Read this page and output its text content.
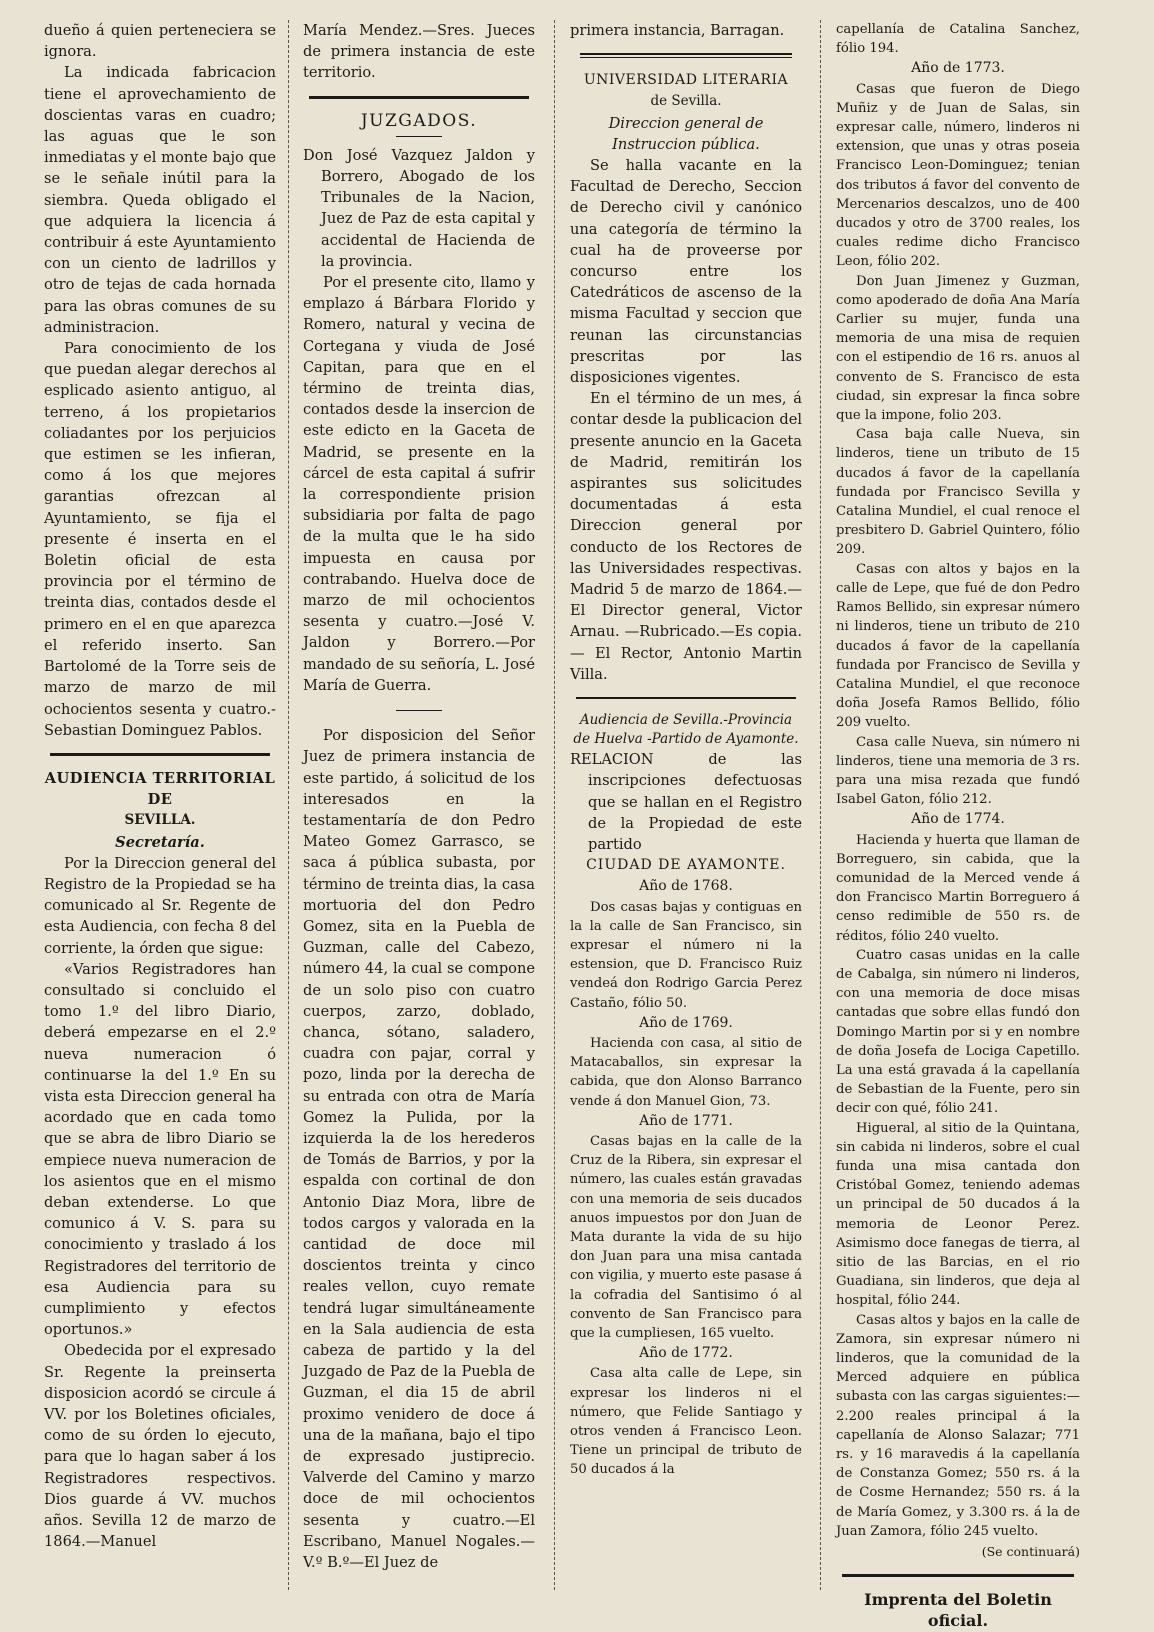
dueño á quien perteneciera se ignora.

La indicada fabricacion tiene el aprovechamiento de doscientas varas en cuadro; las aguas que le son inmediatas y el monte bajo que se le señale inútil para la siembra. Queda obligado el que adquiera la licencia á contribuir á este Ayuntamiento con un ciento de ladrillos y otro de tejas de cada hornada para las obras comunes de su administracion.

Para conocimiento de los que puedan alegar derechos al esplicado asiento antiguo, al terreno, á los propietarios coliadantes por los perjuicios que estimen se les infieran, como á los que mejores garantias ofrezcan al Ayuntamiento, se fija el presente é inserta en el Boletin oficial de esta provincia por el término de treinta dias, contados desde el primero en el en que aparezca el referido inserto. San Bartolomé de la Torre seis de marzo de marzo de mil ochocientos sesenta y cuatro.-Sebastian Dominguez Pablos.

AUDIENCIA TERRITORIAL DE

SEVILLA.

Secretaría.

Por la Direccion general del Registro de la Propiedad se ha comunicado al Sr. Regente de esta Audiencia, con fecha 8 del corriente, la órden que sigue:

«Varios Registradores han consultado si concluido el tomo 1.º del libro Diario, deberá empezarse en el 2.º nueva numeracion ó continuarse la del 1.º En su vista esta Direccion general ha acordado que en cada tomo que se abra de libro Diario se empiece nueva numeracion de los asientos que en el mismo deban extenderse. Lo que comunico á V. S. para su conocimiento y traslado á los Registradores del territorio de esa Audiencia para su cumplimiento y efectos oportunos.»

Obedecida por el expresado Sr. Regente la preinserta disposicion acordó se circule á VV. por los Boletines oficiales, como de su órden lo ejecuto, para que lo hagan saber á los Registradores respectivos. Dios guarde á VV. muchos años. Sevilla 12 de marzo de 1864.—Manuel

María Mendez.—Sres. Jueces de primera instancia de este territorio.

JUZGADOS.

Don José Vazquez Jaldon y Borrero, Abogado de los Tribunales de la Nacion, Juez de Paz de esta capital y accidental de Hacienda de la provincia.

Por el presente cito, llamo y emplazo á Bárbara Florido y Romero, natural y vecina de Cortegana y viuda de José Capitan, para que en el término de treinta dias, contados desde la insercion de este edicto en la Gaceta de Madrid, se presente en la cárcel de esta capital á sufrir la correspondiente prision subsidiaria por falta de pago de la multa que le ha sido impuesta en causa por contrabando. Huelva doce de marzo de mil ochocientos sesenta y cuatro.—José V. Jaldon y Borrero.—Por mandado de su señoría, L. José María de Guerra.

Por disposicion del Señor Juez de primera instancia de este partido, á solicitud de los interesados en la testamentaría de don Pedro Mateo Gomez Garrasco, se saca á pública subasta, por término de treinta dias, la casa mortuoria del don Pedro Gomez, sita en la Puebla de Guzman, calle del Cabezo, número 44, la cual se compone de un solo piso con cuatro cuerpos, zarzo, doblado, chanca, sótano, saladero, cuadra con pajar, corral y pozo, linda por la derecha de su entrada con otra de María Gomez la Pulida, por la izquierda la de los herederos de Tomás de Barrios, y por la espalda con cortinal de don Antonio Diaz Mora, libre de todos cargos y valorada en la cantidad de doce mil doscientos treinta y cinco reales vellon, cuyo remate tendrá lugar simultáneamente en la Sala audiencia de esta cabeza de partido y la del Juzgado de Paz de la Puebla de Guzman, el dia 15 de abril proximo venidero de doce á una de la mañana, bajo el tipo de expresado justiprecio. Valverde del Camino y marzo doce de mil ochocientos sesenta y cuatro.—El Escribano, Manuel Nogales.—V.º B.º—El Juez de

primera instancia, Barragan.

UNIVERSIDAD LITERARIA

de Sevilla.

Direccion general de Instruccion pública.

Se halla vacante en la Facultad de Derecho, Seccion de Derecho civil y canónico una categoría de término la cual ha de proveerse por concurso entre los Catedráticos de ascenso de la misma Facultad y seccion que reunan las circunstancias prescritas por las disposiciones vigentes.

En el término de un mes, á contar desde la publicacion del presente anuncio en la Gaceta de Madrid, remitirán los aspirantes sus solicitudes documentadas á esta Direccion general por conducto de los Rectores de las Universidades respectivas. Madrid 5 de marzo de 1864.—El Director general, Victor Arnau. —Rubricado.—Es copia.— El Rector, Antonio Martin Villa.

Audiencia de Sevilla.-Provincia de Huelva -Partido de Ayamonte.

RELACION de las inscripciones defectuosas que se hallan en el Registro de la Propiedad de este partido

CIUDAD DE AYAMONTE.

Año de 1768.

Dos casas bajas y contiguas en la la calle de San Francisco, sin expresar el número ni la estension, que D. Francisco Ruiz vendeá don Rodrigo Garcia Perez Castaño, fólio 50.

Año de 1769.

Hacienda con casa, al sitio de Matacaballos, sin expresar la cabida, que don Alonso Barranco vende á don Manuel Gion, 73.

Año de 1771.

Casas bajas en la calle de la Cruz de la Ribera, sin expresar el número, las cuales están gravadas con una memoria de seis ducados anuos impuestos por don Juan de Mata durante la vida de su hijo don Juan para una misa cantada con vigilia, y muerto este pasase á la cofradia del Santisimo ó al convento de San Francisco para que la cumpliesen, 165 vuelto.

Año de 1772.

Casa alta calle de Lepe, sin expresar los linderos ni el número, que Felide Santiago y otros venden á Francisco Leon. Tiene un principal de tributo de 50 ducados á la

capellanía de Catalina Sanchez, fólio 194.

Año de 1773.

Casas que fueron de Diego Muñiz y de Juan de Salas, sin expresar calle, número, linderos ni extension, que unas y otras poseia Francisco Leon-Dominguez; tenian dos tributos á favor del convento de Mercenarios descalzos, uno de 400 ducados y otro de 3700 reales, los cuales redime dicho Francisco Leon, fólio 202.

Don Juan Jimenez y Guzman, como apoderado de doña Ana María Carlier su mujer, funda una memoria de una misa de requien con el estipendio de 16 rs. anuos al convento de S. Francisco de esta ciudad, sin expresar la finca sobre que la impone, folio 203.

Casa baja calle Nueva, sin linderos, tiene un tributo de 15 ducados á favor de la capellanía fundada por Francisco Sevilla y Catalina Mundiel, el cual renoce el presbitero D. Gabriel Quintero, fólio 209.

Casas con altos y bajos en la calle de Lepe, que fué de don Pedro Ramos Bellido, sin expresar número ni linderos, tiene un tributo de 210 ducados á favor de la capellanía fundada por Francisco de Sevilla y Catalina Mundiel, el que reconoce doña Josefa Ramos Bellido, fólio 209 vuelto.

Casa calle Nueva, sin número ni linderos, tiene una memoria de 3 rs. para una misa rezada que fundó Isabel Gaton, fólio 212.

Año de 1774.

Hacienda y huerta que llaman de Borreguero, sin cabida, que la comunidad de la Merced vende á don Francisco Martin Borreguero á censo redimible de 550 rs. de réditos, fólio 240 vuelto.

Cuatro casas unidas en la calle de Cabalga, sin número ni linderos, con una memoria de doce misas cantadas que sobre ellas fundó don Domingo Martin por si y en nombre de doña Josefa de Lociga Capetillo. La una está gravada á la capellanía de Sebastian de la Fuente, pero sin decir con qué, fólio 241.

Higueral, al sitio de la Quintana, sin cabida ni linderos, sobre el cual funda una misa cantada don Cristóbal Gomez, teniendo ademas un principal de 50 ducados á la memoria de Leonor Perez. Asimismo doce fanegas de tierra, al sitio de las Barcias, en el rio Guadiana, sin linderos, que deja al hospital, fólio 244.

Casas altos y bajos en la calle de Zamora, sin expresar número ni linderos, que la comunidad de la Merced adquiere en pública subasta con las cargas siguientes:—2.200 reales principal á la capellanía de Alonso Salazar; 771 rs. y 16 maravedis á la capellanía de Constanza Gomez; 550 rs. á la de Cosme Hernandez; 550 rs. á la de María Gomez, y 3.300 rs. á la de Juan Zamora, fólio 245 vuelto.

(Se continuará)

Imprenta del Boletin oficial.
